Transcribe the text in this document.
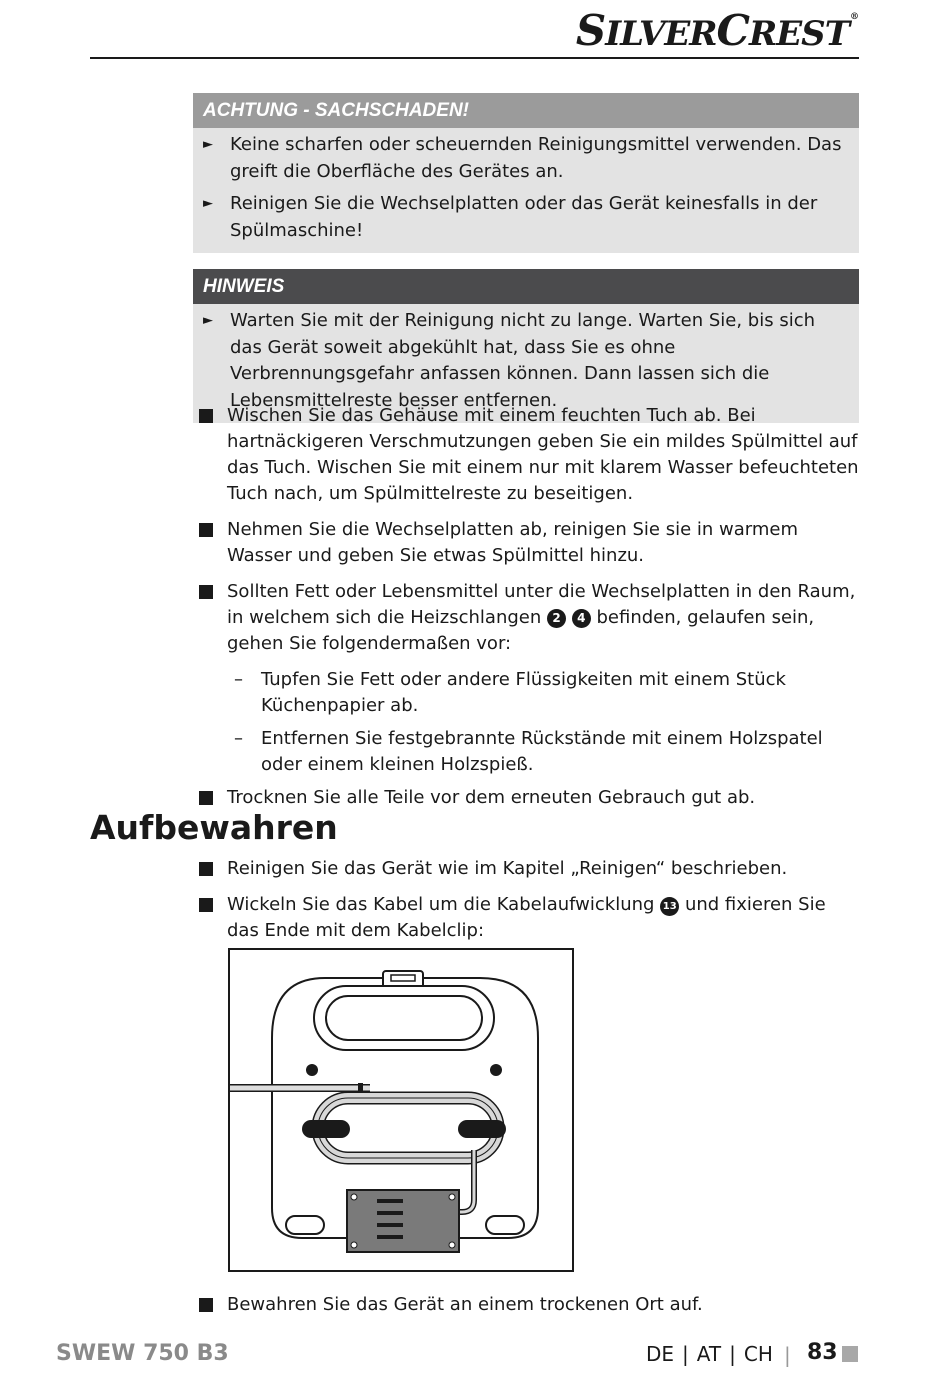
SILVERCREST®
ACHTUNG - SACHSCHADEN!
► Keine scharfen oder scheuernden Reinigungsmittel verwenden. Das greift die Oberfläche des Gerätes an.
► Reinigen Sie die Wechselplatten oder das Gerät keinesfalls in der Spülmaschine!
HINWEIS
► Warten Sie mit der Reinigung nicht zu lange. Warten Sie, bis sich das Gerät soweit abgekühlt hat, dass Sie es ohne Verbrennungsgefahr anfassen können. Dann lassen sich die Lebensmittelreste besser entfernen.
Wischen Sie das Gehäuse mit einem feuchten Tuch ab. Bei hartnäckigeren Verschmutzungen geben Sie ein mildes Spülmittel auf das Tuch. Wischen Sie mit einem nur mit klarem Wasser befeuchteten Tuch nach, um Spülmittelreste zu beseitigen.
Nehmen Sie die Wechselplatten ab, reinigen Sie sie in warmem Wasser und geben Sie etwas Spülmittel hinzu.
Sollten Fett oder Lebensmittel unter die Wechselplatten in den Raum, in welchem sich die Heizschlangen 2 4 befinden, gelaufen sein, gehen Sie folgendermaßen vor:
– Tupfen Sie Fett oder andere Flüssigkeiten mit einem Stück Küchenpapier ab.
– Entfernen Sie festgebrannte Rückstände mit einem Holzspatel oder einem kleinen Holzspieß.
Trocknen Sie alle Teile vor dem erneuten Gebrauch gut ab.
Aufbewahren
Reinigen Sie das Gerät wie im Kapitel „Reinigen“ beschrieben.
Wickeln Sie das Kabel um die Kabelaufwicklung 13 und fixieren Sie das Ende mit dem Kabelclip:
Bewahren Sie das Gerät an einem trockenen Ort auf.
SWEW 750 B3	DE | AT | CH | 83
